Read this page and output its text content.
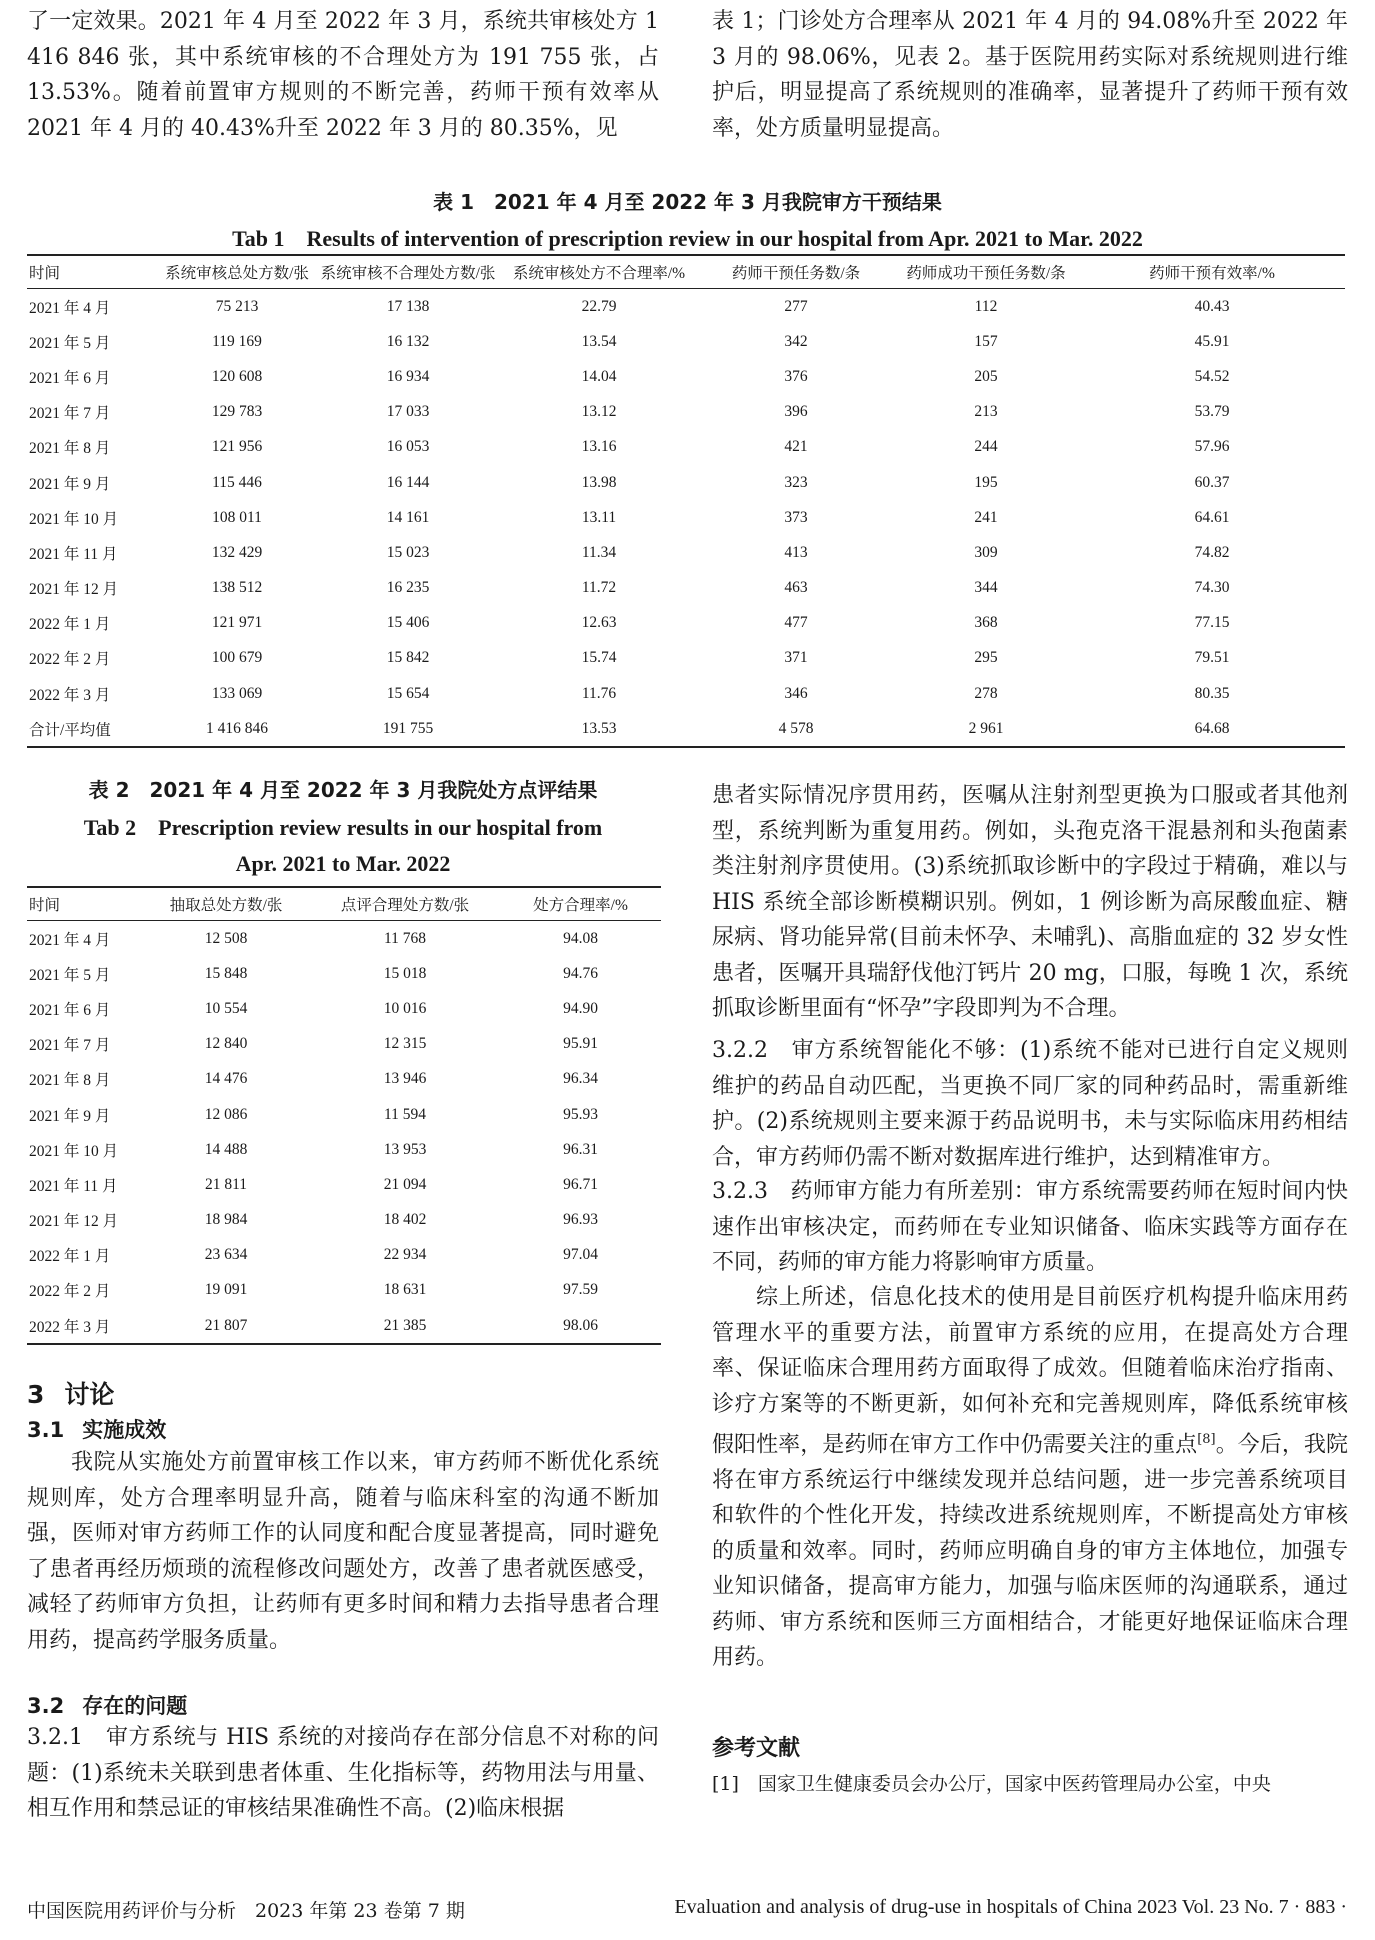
了一定效果。2021 年 4 月至 2022 年 3 月，系统共审核处方 1 416 846 张，其中系统审核的不合理处方为 191 755 张，占 13.53%。随着前置审方规则的不断完善，药师干预有效率从 2021 年 4 月的 40.43%升至 2022 年 3 月的 80.35%，见

表 1；门诊处方合理率从 2021 年 4 月的 94.08%升至 2022 年 3 月的 98.06%，见表 2。基于医院用药实际对系统规则进行维护后，明显提高了系统规则的准确率，显著提升了药师干预有效率，处方质量明显提高。

表 1　2021 年 4 月至 2022 年 3 月我院审方干预结果

Tab 1　Results of intervention of prescription review in our hospital from Apr. 2021 to Mar. 2022

时间	系统审核总处方数/张	系统审核不合理处方数/张	系统审核处方不合理率/%	药师干预任务数/条	药师成功干预任务数/条	药师干预有效率/%
2021 年 4 月	75 213	17 138	22.79	277	112	40.43
2021 年 5 月	119 169	16 132	13.54	342	157	45.91
2021 年 6 月	120 608	16 934	14.04	376	205	54.52
2021 年 7 月	129 783	17 033	13.12	396	213	53.79
2021 年 8 月	121 956	16 053	13.16	421	244	57.96
2021 年 9 月	115 446	16 144	13.98	323	195	60.37
2021 年 10 月	108 011	14 161	13.11	373	241	64.61
2021 年 11 月	132 429	15 023	11.34	413	309	74.82
2021 年 12 月	138 512	16 235	11.72	463	344	74.30
2022 年 1 月	121 971	15 406	12.63	477	368	77.15
2022 年 2 月	100 679	15 842	15.74	371	295	79.51
2022 年 3 月	133 069	15 654	11.76	346	278	80.35
合计/平均值	1 416 846	191 755	13.53	4 578	2 961	64.68

表 2　2021 年 4 月至 2022 年 3 月我院处方点评结果

Tab 2　Prescription review results in our hospital from

Apr. 2021 to Mar. 2022

时间	抽取总处方数/张	点评合理处方数/张	处方合理率/%
2021 年 4 月	12 508	11 768	94.08
2021 年 5 月	15 848	15 018	94.76
2021 年 6 月	10 554	10 016	94.90
2021 年 7 月	12 840	12 315	95.91
2021 年 8 月	14 476	13 946	96.34
2021 年 9 月	12 086	11 594	95.93
2021 年 10 月	14 488	13 953	96.31
2021 年 11 月	21 811	21 094	96.71
2021 年 12 月	18 984	18 402	96.93
2022 年 1 月	23 634	22 934	97.04
2022 年 2 月	19 091	18 631	97.59
2022 年 3 月	21 807	21 385	98.06
3 讨论
3.1 实施成效

我院从实施处方前置审核工作以来，审方药师不断优化系统规则库，处方合理率明显升高，随着与临床科室的沟通不断加强，医师对审方药师工作的认同度和配合度显著提高，同时避免了患者再经历烦琐的流程修改问题处方，改善了患者就医感受，减轻了药师审方负担，让药师有更多时间和精力去指导患者合理用药，提高药学服务质量。

3.2 存在的问题

3.2.1　审方系统与 HIS 系统的对接尚存在部分信息不对称的问题：(1)系统未关联到患者体重、生化指标等，药物用法与用量、相互作用和禁忌证的审核结果准确性不高。(2)临床根据

患者实际情况序贯用药，医嘱从注射剂型更换为口服或者其他剂型，系统判断为重复用药。例如，头孢克洛干混悬剂和头孢菌素类注射剂序贯使用。(3)系统抓取诊断中的字段过于精确，难以与 HIS 系统全部诊断模糊识别。例如，1 例诊断为高尿酸血症、糖尿病、肾功能异常(目前未怀孕、未哺乳)、高脂血症的 32 岁女性患者，医嘱开具瑞舒伐他汀钙片 20 mg，口服，每晚 1 次，系统抓取诊断里面有“怀孕”字段即判为不合理。

3.2.2　审方系统智能化不够：(1)系统不能对已进行自定义规则维护的药品自动匹配，当更换不同厂家的同种药品时，需重新维护。(2)系统规则主要来源于药品说明书，未与实际临床用药相结合，审方药师仍需不断对数据库进行维护，达到精准审方。

3.2.3　药师审方能力有所差别：审方系统需要药师在短时间内快速作出审核决定，而药师在专业知识储备、临床实践等方面存在不同，药师的审方能力将影响审方质量。

综上所述，信息化技术的使用是目前医疗机构提升临床用药管理水平的重要方法，前置审方系统的应用，在提高处方合理率、保证临床合理用药方面取得了成效。但随着临床治疗指南、诊疗方案等的不断更新，如何补充和完善规则库，降低系统审核假阳性率，是药师在审方工作中仍需要关注的重点[8]。今后，我院将在审方系统运行中继续发现并总结问题，进一步完善系统项目和软件的个性化开发，持续改进系统规则库，不断提高处方审核的质量和效率。同时，药师应明确自身的审方主体地位，加强专业知识储备，提高审方能力，加强与临床医师的沟通联系，通过药师、审方系统和医师三方面相结合，才能更好地保证临床合理用药。

参考文献
[1]　国家卫生健康委员会办公厅，国家中医药管理局办公室，中央
中国医院用药评价与分析　2023 年第 23 卷第 7 期	Evaluation and analysis of drug-use in hospitals of China 2023 Vol. 23 No. 7 · 883 ·
